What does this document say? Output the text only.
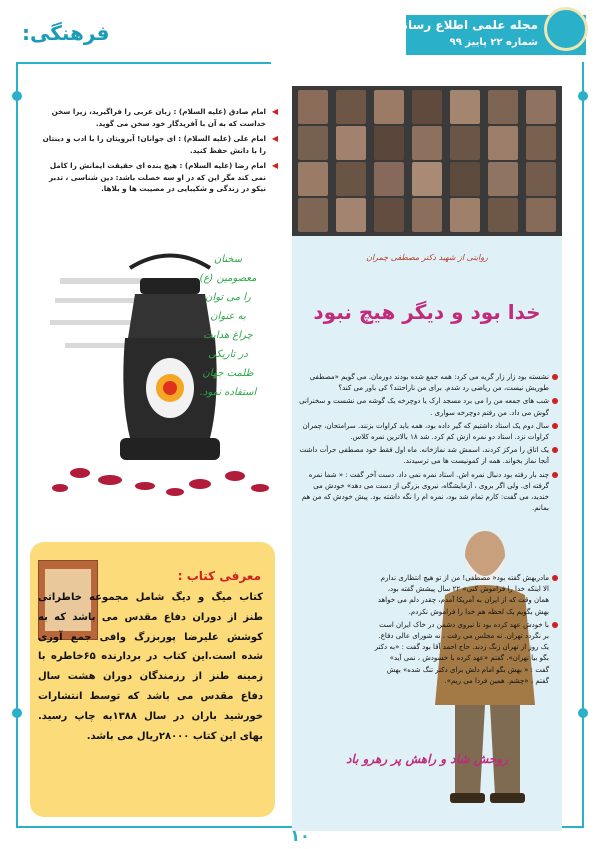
مجله علمی اطلاع رسانی هدهد
شماره ۲۲ پاییز ۹۹
فرهنگی:

◀ امام صادق (علیه السلام) : زبان عربی را فراگیرید، زیرا سخن خداست که به آن با آفریدگار خود سخن می گوید.

◀ امام علی (علیه السلام) : ای جوانان! آبرویتان را با ادب و دینتان را با دانش حفظ کنید.

◀ امام رضا (علیه السلام) : هیچ بنده ای حقیقت ایمانش را کامل نمی کند مگر این که در او سه خصلت باشد: دین شناسی ، تدبر نیکو در زندگی و شکیبایی در مصیبت ها و بلاها.

سخنان
معصومین (ع)
را می توان
به عنوان
چراغ هدایت
در تاریکی
ظلمت جهان
استفاده نمود.
معرفی کتاب :
کتاب میگ و دیگ شامل مجموعه خاطراتی طنز از دوران دفاع مقدس می باشد که به کوشش علیرضا پوربزرگ وافی جمع آوری شده است.این کتاب در بردارنده ۶۵خاطره با زمینه طنز از رزمندگان دوران هشت سال دفاع مقدس می باشد که توسط انتشارات خورشید باران در سال ۱۳۸۸به چاپ رسید. بهای این کتاب ۲۸۰۰۰ریال می باشد.
روایتی از شهید دکتر مصطفی چمران
خدا بود و دیگر هیچ نبود

نشسته بود زار زار گریه می کرد: همه جمع شده بودند دورمان. می گویم «مصطفی طوریش نیست، من ریاضی رد شدم. برای من ناراحتند؟ کی باور می کند؟

شب های جمعه من را می برد مسجد ارک یا دوچرخه یک گوشه می نشست و سخنرانی گوش می داد. من رفتم دوچرخه سواری .

سال دوم یک استاد داشتیم که گیر داده بود، همه باید کراوات بزنند. سرامتحان، چمران کراوات نزد. استاد دو نمره ازش کم کرد. شد ۱۸ بالاترین نمره کلاس.

یک اتاق را مرکز کردند، اسمش شد نمازخانه. ماه اول فقط خود مصطفی جرأت داشت آنجا نماز بخواند. همه از کمونیست ها می ترسیدند.

چند بار رفته بود دنبال نمره اش. استاد نمره نمی داد. دست آخر گفت : « شما نمره گرفته ای. ولی اگر بروی ، آزمایشگاه، نیروی بزرگی از دست می دهد» خودش می خندید، می گفت: کارم تمام شد بود، نمره ام را نگه داشته بود. پیش خودش که من هم بمانم.

مادربهش گفته بود« مصطفی! من از تو هیچ انتظاری ندارم الا اینکه خدا را فراموش کنی» ۲۲ سال پیشش گفته بود، همان وقت که از ایران به آمریکا آمدم، چقدر دلم می خواهد بهش بگویم یک لحظه هم خدا را فراموش نکردم.

با خودش عهد کرده بود تا نیروی دشمن در خاک ایران است بر نگردد تهران. نه مجلس می رفت ، نه شورای عالی دفاع. یک روز از تهران زنگ زدند. حاج احمد آقا بود گفت : «به دکتر بگو بیا تهران». گفتم «عهد کرده با خسودش ، نمی آید» گفت : « بهش بگو امام دلش برای دکتر تنگ شده» بهش گفتم ، «چشم. همین فردا می ریم».

روحش شاد و راهش پر رهرو باد
۱۰
